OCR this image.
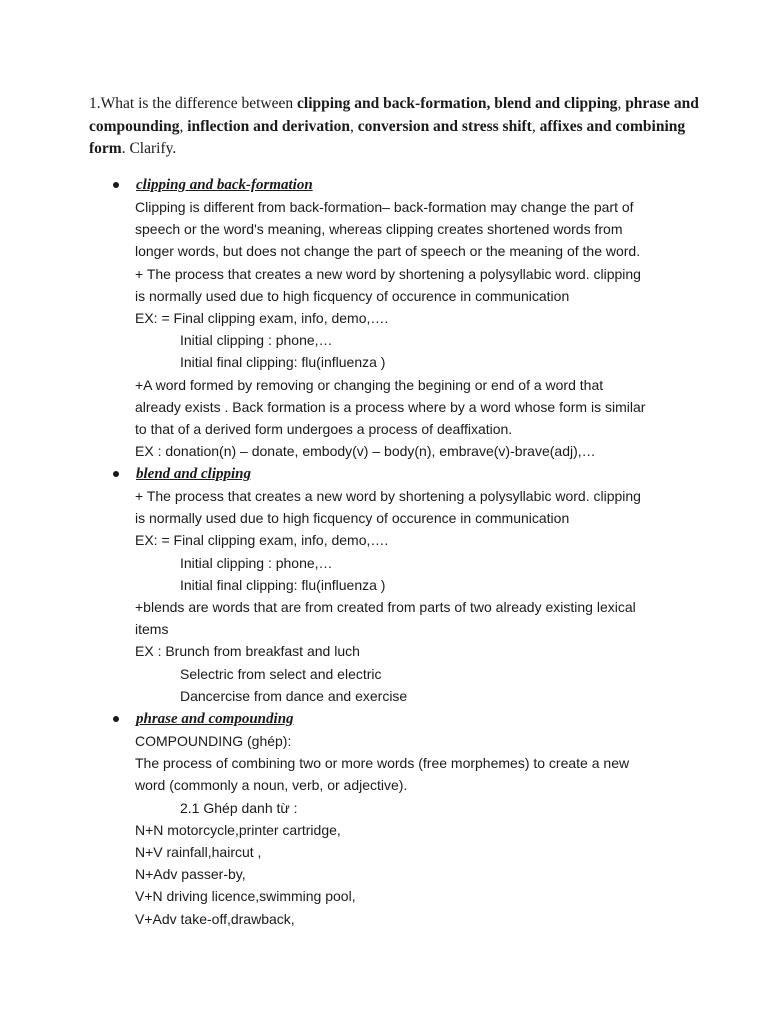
1.What is the difference between clipping and back-formation, blend and clipping, phrase and compounding, inflection and derivation, conversion and stress shift, affixes and combining form. Clarify.
clipping and back-formation
Clipping is different from back-formation– back-formation may change the part of
speech or the word's meaning, whereas clipping creates shortened words from
longer words, but does not change the part of speech or the meaning of the word.
+ The process that creates a new word by shortening a polysyllabic word. clipping
is normally used due to high ficquency of occurence in communication
EX: = Final clipping exam, info, demo,….
Initial clipping : phone,…
Initial final clipping: flu(influenza )
+A word formed by removing or changing the begining or end of a word that
already exists . Back formation is a process where by a word whose form is similar
to that of a derived form undergoes a process of deaffixation.
EX : donation(n) – donate, embody(v) – body(n), embrave(v)-brave(adj),…
blend and clipping
+ The process that creates a new word by shortening a polysyllabic word. clipping
is normally used due to high ficquency of occurence in communication
EX: = Final clipping exam, info, demo,….
Initial clipping : phone,…
Initial final clipping: flu(influenza )
+blends are words that are from created from parts of two already existing lexical
items
EX : Brunch from breakfast and luch
Selectric from select and electric
Dancercise from dance and exercise
phrase and compounding
COMPOUNDING (ghép):
The process of combining two or more words (free morphemes) to create a new
word (commonly a noun, verb, or adjective).
2.1 Ghép danh từ :
N+N motorcycle,printer cartridge,
N+V rainfall,haircut ,
N+Adv passer-by,
V+N driving licence,swimming pool,
V+Adv take-off,drawback,
